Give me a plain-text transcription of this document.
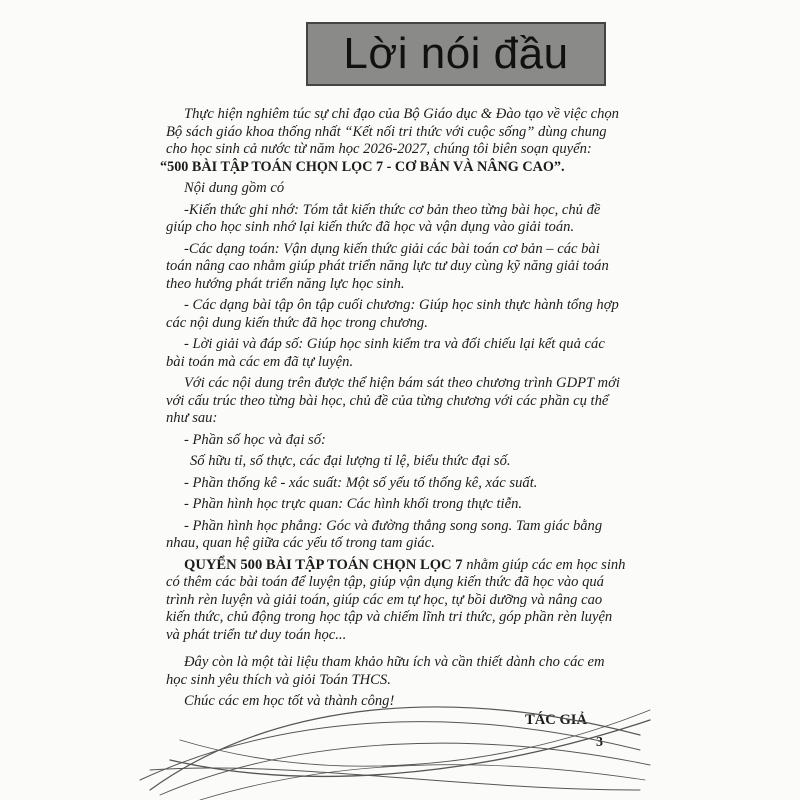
Lời nói đầu

Thực hiện nghiêm túc sự chỉ đạo của Bộ Giáo dục & Đào tạo về việc chọn Bộ sách giáo khoa thống nhất “Kết nối tri thức với cuộc sống” dùng chung cho học sinh cả nước từ năm học 2026-2027, chúng tôi biên soạn quyển:

“500 BÀI TẬP TOÁN CHỌN LỌC 7 - CƠ BẢN VÀ NÂNG CAO”.

Nội dung gồm có

-Kiến thức ghi nhớ: Tóm tắt kiến thức cơ bản theo từng bài học, chủ đề giúp cho học sinh nhớ lại kiến thức đã học và vận dụng vào giải toán.

-Các dạng toán: Vận dụng kiến thức giải các bài toán cơ bản – các bài toán nâng cao nhằm giúp phát triển năng lực tư duy cùng kỹ năng giải toán theo hướng phát triển năng lực học sinh.

- Các dạng bài tập ôn tập cuối chương: Giúp học sinh thực hành tổng hợp các nội dung kiến thức đã học trong chương.

- Lời giải và đáp số: Giúp học sinh kiểm tra và đối chiếu lại kết quả các bài toán mà các em đã tự luyện.

Với các nội dung trên được thể hiện bám sát theo chương trình GDPT mới với cấu trúc theo từng bài học, chủ đề của từng chương với các phần cụ thể như sau:

- Phần số học và đại số:

Số hữu tỉ, số thực, các đại lượng tỉ lệ, biểu thức đại số.

- Phần thống kê - xác suất: Một số yếu tố thống kê, xác suất.

- Phần hình học trực quan: Các hình khối trong thực tiễn.

- Phần hình học phẳng: Góc và đường thẳng song song. Tam giác bằng nhau, quan hệ giữa các yếu tố trong tam giác.

QUYỂN 500 BÀI TẬP TOÁN CHỌN LỌC 7 nhằm giúp các em học sinh có thêm các bài toán để luyện tập, giúp vận dụng kiến thức đã học vào quá trình rèn luyện và giải toán, giúp các em tự học, tự bồi dưỡng và nâng cao kiến thức, chủ động trong học tập và chiếm lĩnh tri thức, góp phần rèn luyện và phát triển tư duy toán học...

Đây còn là một tài liệu tham khảo hữu ích và cần thiết dành cho các em học sinh yêu thích và giỏi Toán THCS.

Chúc các em học tốt và thành công!

TÁC GIẢ
3
